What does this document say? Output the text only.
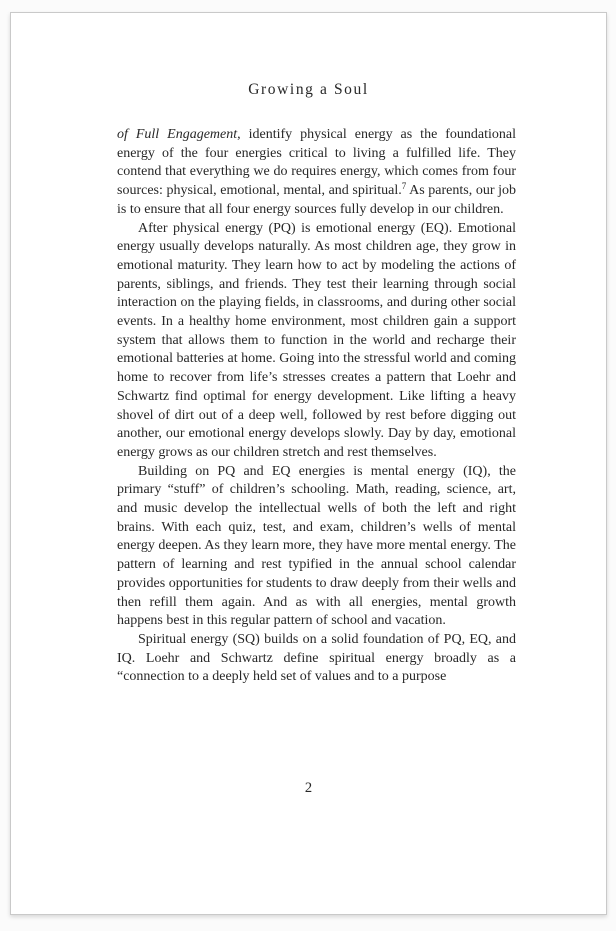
Growing a Soul

of Full Engagement, identify physical energy as the foundational energy of the four energies critical to living a fulfilled life. They contend that everything we do requires energy, which comes from four sources: physical, emotional, mental, and spiritual.$^7$ As parents, our job is to ensure that all four energy sources fully develop in our children.

After physical energy (PQ) is emotional energy (EQ). Emotional energy usually develops naturally. As most children age, they grow in emotional maturity. They learn how to act by modeling the actions of parents, siblings, and friends. They test their learning through social interaction on the playing fields, in classrooms, and during other social events. In a healthy home environment, most children gain a support system that allows them to function in the world and recharge their emotional batteries at home. Going into the stressful world and coming home to recover from life’s stresses creates a pattern that Loehr and Schwartz find optimal for energy development. Like lifting a heavy shovel of dirt out of a deep well, followed by rest before digging out another, our emotional energy develops slowly. Day by day, emotional energy grows as our children stretch and rest themselves.

Building on PQ and EQ energies is mental energy (IQ), the primary “stuff” of children’s schooling. Math, reading, science, art, and music develop the intellectual wells of both the left and right brains. With each quiz, test, and exam, children’s wells of mental energy deepen. As they learn more, they have more mental energy. The pattern of learning and rest typified in the annual school calendar provides opportunities for students to draw deeply from their wells and then refill them again. And as with all energies, mental growth happens best in this regular pattern of school and vacation.

Spiritual energy (SQ) builds on a solid foundation of PQ, EQ, and IQ. Loehr and Schwartz define spiritual energy broadly as a “connection to a deeply held set of values and to a purpose

2
